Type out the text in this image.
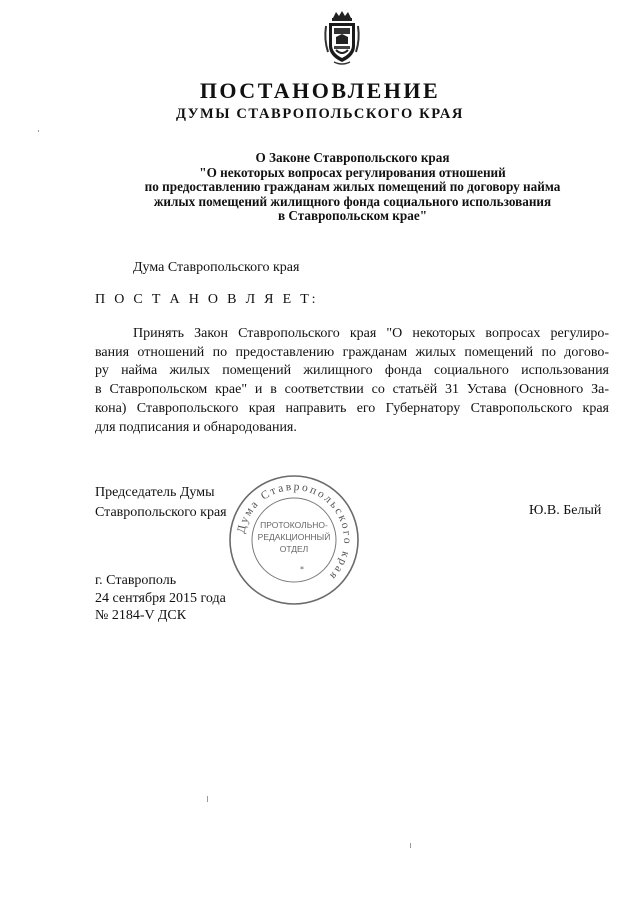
ПОСТАНОВЛЕНИЕ
ДУМЫ СТАВРОПОЛЬСКОГО КРАЯ
О Законе Ставропольского края
"О некоторых вопросах регулирования отношений
по предоставлению гражданам жилых помещений по договору найма
жилых помещений жилищного фонда социального использования
в Ставропольском крае"
Дума Ставропольского края
П О С Т А Н О В Л Я Е Т:
Принять Закон Ставропольского края "О некоторых вопросах регулиро-
вания отношений по предоставлению гражданам жилых помещений по догово-
ру найма жилых помещений жилищного фонда социального использования
в Ставропольском крае" и в соответствии со статьёй 31 Устава (Основного За-
кона) Ставропольского края направить его Губернатору Ставропольского края
для подписания и обнародования.
Председатель Думы
Ставропольского края	Ю.В. Белый
Дума Ставропольского края
ПРОТОКОЛЬНО-
РЕДАКЦИОННЫЙ
ОТДЕЛ
*
г. Ставрополь
24 сентября 2015 года
№ 2184-V ДСК
